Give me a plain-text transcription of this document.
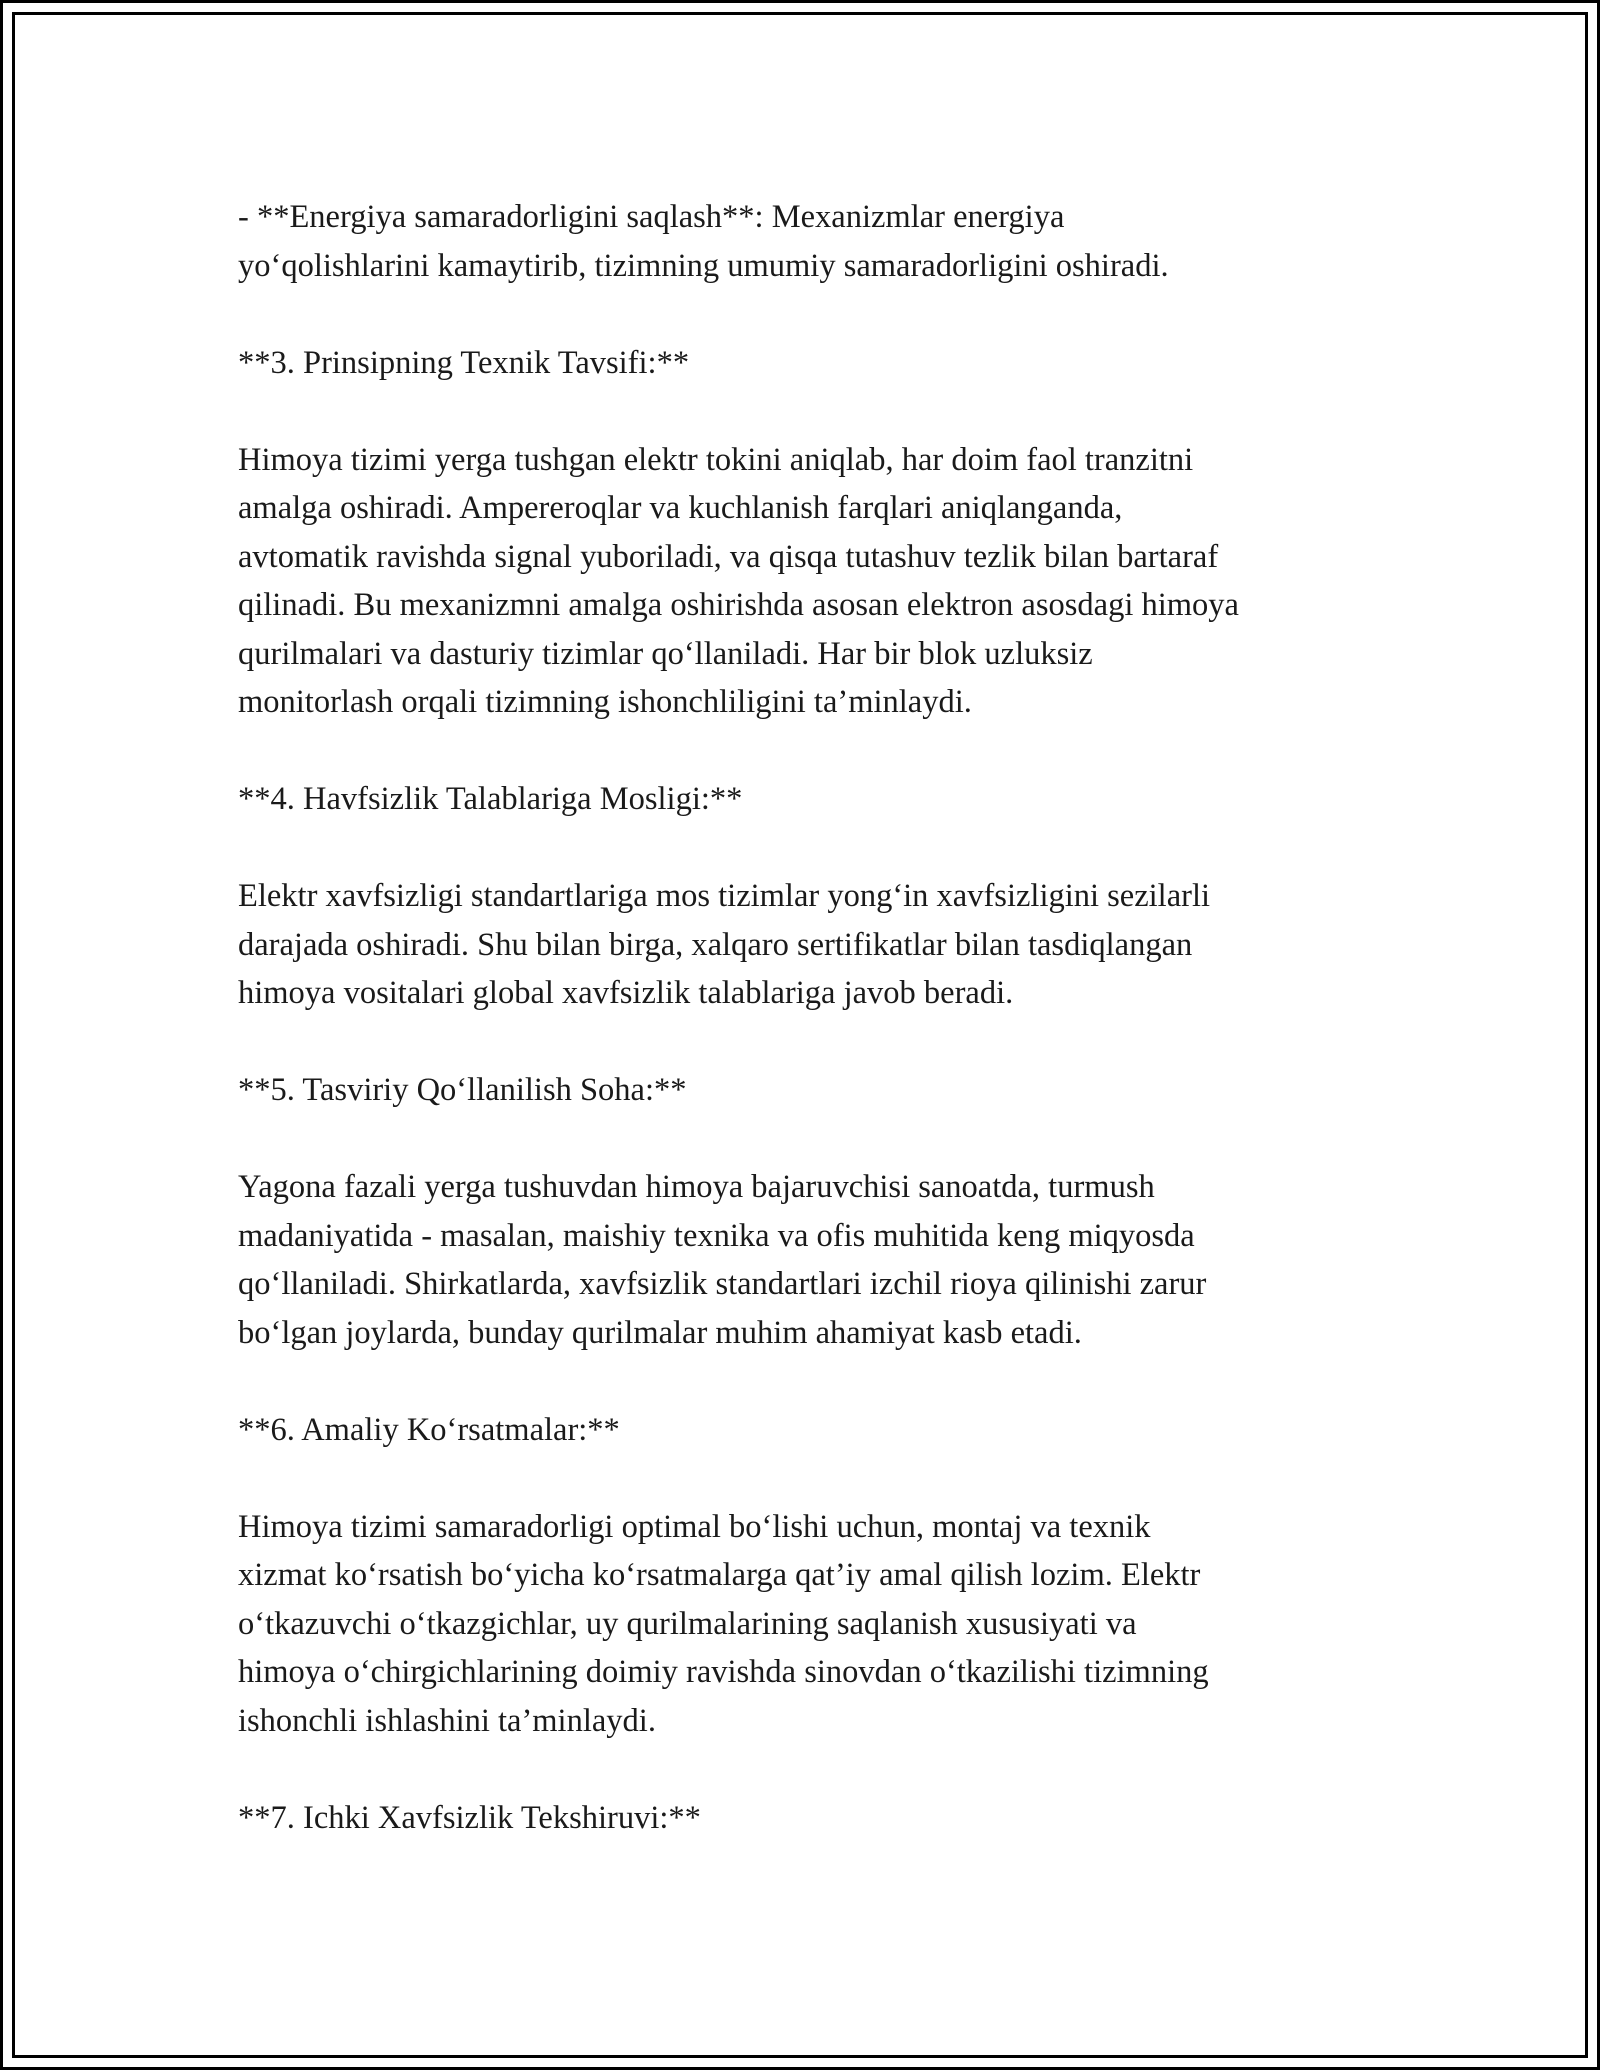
- **Energiya samaradorligini saqlash**: Mexanizmlar energiya
yo‘qolishlarini kamaytirib, tizimning umumiy samaradorligini oshiradi.
**3. Prinsipning Texnik Tavsifi:**
Himoya tizimi yerga tushgan elektr tokini aniqlab, har doim faol tranzitni
amalga oshiradi. Ampereroqlar va kuchlanish farqlari aniqlanganda,
avtomatik ravishda signal yuboriladi, va qisqa tutashuv tezlik bilan bartaraf
qilinadi. Bu mexanizmni amalga oshirishda asosan elektron asosdagi himoya
qurilmalari va dasturiy tizimlar qo‘llaniladi. Har bir blok uzluksiz
monitorlash orqali tizimning ishonchliligini ta’minlaydi.
**4. Havfsizlik Talablariga Mosligi:**
Elektr xavfsizligi standartlariga mos tizimlar yong‘in xavfsizligini sezilarli
darajada oshiradi. Shu bilan birga, xalqaro sertifikatlar bilan tasdiqlangan
himoya vositalari global xavfsizlik talablariga javob beradi.
**5. Tasviriy Qo‘llanilish Soha:**
Yagona fazali yerga tushuvdan himoya bajaruvchisi sanoatda, turmush
madaniyatida - masalan, maishiy texnika va ofis muhitida keng miqyosda
qo‘llaniladi. Shirkatlarda, xavfsizlik standartlari izchil rioya qilinishi zarur
bo‘lgan joylarda, bunday qurilmalar muhim ahamiyat kasb etadi.
**6. Amaliy Ko‘rsatmalar:**
Himoya tizimi samaradorligi optimal bo‘lishi uchun, montaj va texnik
xizmat ko‘rsatish bo‘yicha ko‘rsatmalarga qat’iy amal qilish lozim. Elektr
o‘tkazuvchi o‘tkazgichlar, uy qurilmalarining saqlanish xususiyati va
himoya o‘chirgichlarining doimiy ravishda sinovdan o‘tkazilishi tizimning
ishonchli ishlashini ta’minlaydi.
**7. Ichki Xavfsizlik Tekshiruvi:**
